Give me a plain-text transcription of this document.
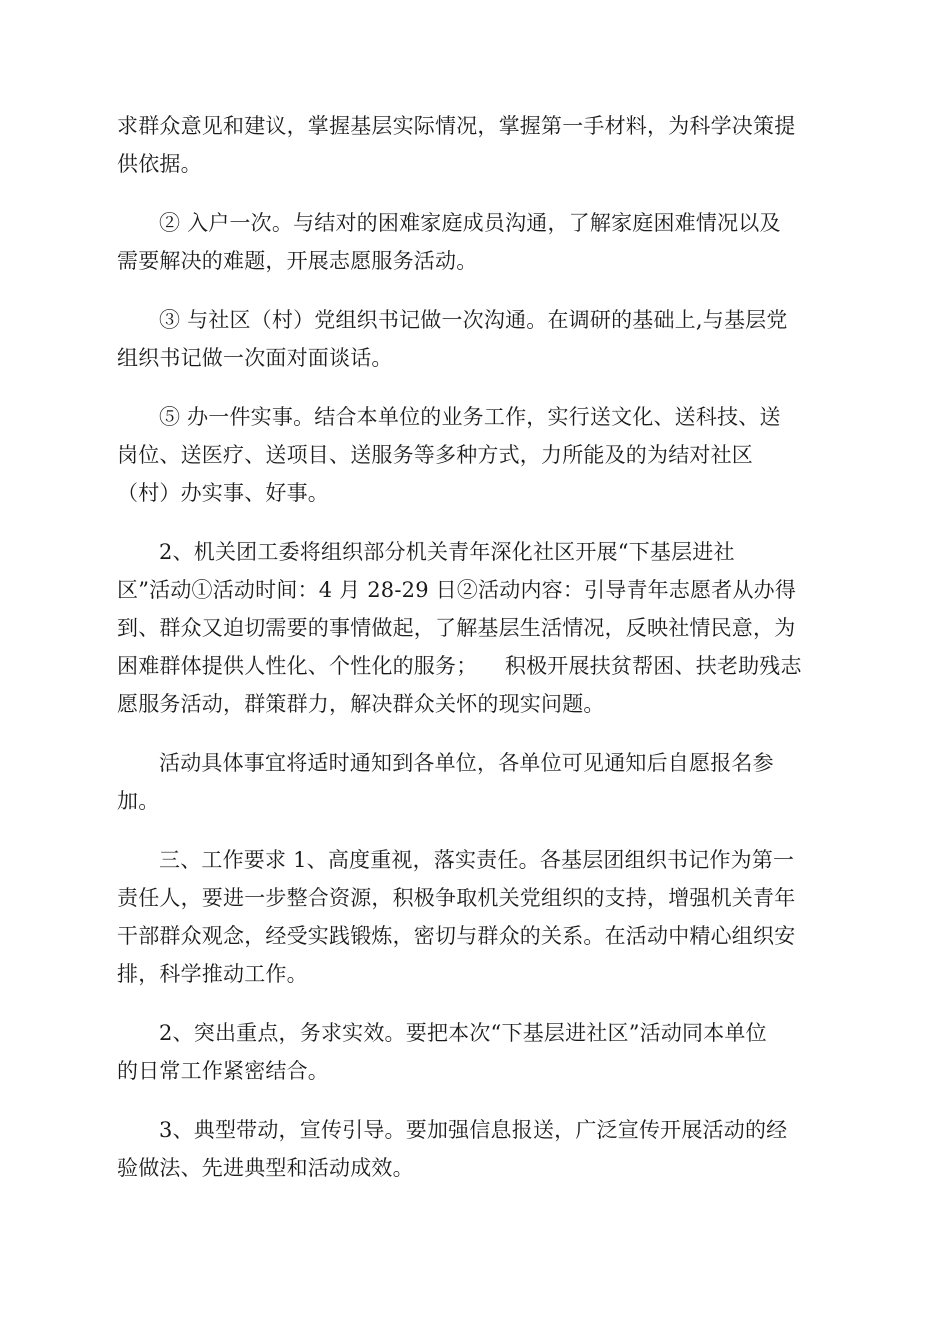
求群众意见和建议，掌握基层实际情况，掌握第一手材料，为科学决策提
供依据。

② 入户一次。与结对的困难家庭成员沟通，了解家庭困难情况以及
需要解决的难题，开展志愿服务活动。

③ 与社区（村）党组织书记做一次沟通。在调研的基础上,与基层党
组织书记做一次面对面谈话。

⑤ 办一件实事。结合本单位的业务工作，实行送文化、送科技、送
岗位、送医疗、送项目、送服务等多种方式，力所能及的为结对社区
（村）办实事、好事。

2、机关团工委将组织部分机关青年深化社区开展“下基层进社
区”活动①活动时间：4 月 28-29 日②活动内容：引导青年志愿者从办得
到、群众又迫切需要的事情做起，了解基层生活情况，反映社情民意，为
困难群体提供人性化、个性化的服务；    积极开展扶贫帮困、扶老助残志
愿服务活动，群策群力，解决群众关怀的现实问题。

活动具体事宜将适时通知到各单位，各单位可见通知后自愿报名参
加。

三、工作要求 1、高度重视，落实责任。各基层团组织书记作为第一
责任人，要进一步整合资源，积极争取机关党组织的支持，增强机关青年
干部群众观念，经受实践锻炼，密切与群众的关系。在活动中精心组织安
排，科学推动工作。

2、突出重点，务求实效。要把本次“下基层进社区”活动同本单位
的日常工作紧密结合。

3、典型带动，宣传引导。要加强信息报送，广泛宣传开展活动的经
验做法、先进典型和活动成效。
